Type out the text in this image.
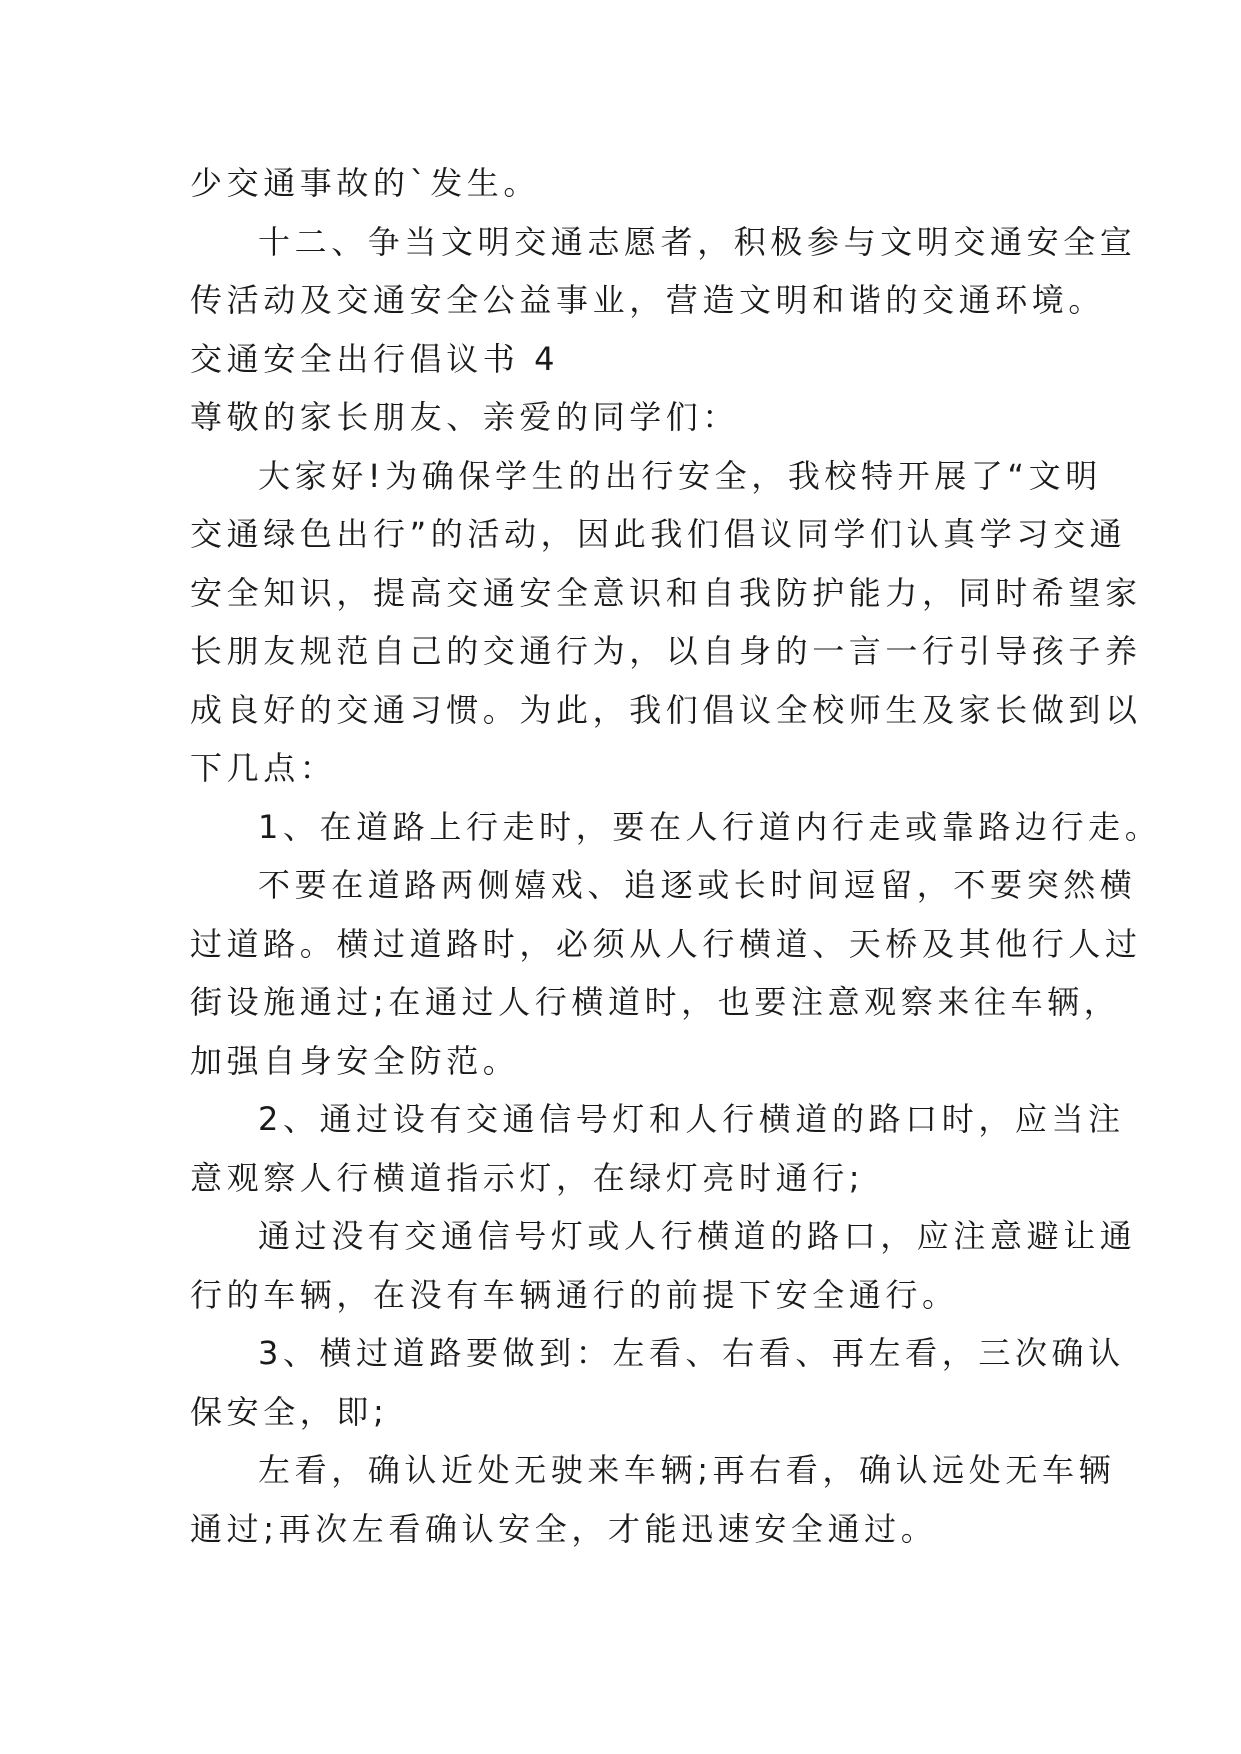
少交通事故的`发生。
十二、争当文明交通志愿者，积极参与文明交通安全宣
传活动及交通安全公益事业，营造文明和谐的交通环境。
交通安全出行倡议书 4
尊敬的家长朋友、亲爱的同学们：
大家好!为确保学生的出行安全，我校特开展了“文明
交通绿色出行”的活动，因此我们倡议同学们认真学习交通
安全知识，提高交通安全意识和自我防护能力，同时希望家
长朋友规范自己的交通行为，以自身的一言一行引导孩子养
成良好的交通习惯。为此，我们倡议全校师生及家长做到以
下几点：
1、在道路上行走时，要在人行道内行走或靠路边行走。
不要在道路两侧嬉戏、追逐或长时间逗留，不要突然横
过道路。横过道路时，必须从人行横道、天桥及其他行人过
街设施通过;在通过人行横道时，也要注意观察来往车辆，
加强自身安全防范。
2、通过设有交通信号灯和人行横道的路口时，应当注
意观察人行横道指示灯，在绿灯亮时通行;
通过没有交通信号灯或人行横道的路口，应注意避让通
行的车辆，在没有车辆通行的前提下安全通行。
3、横过道路要做到：左看、右看、再左看，三次确认
保安全，即;
左看，确认近处无驶来车辆;再右看，确认远处无车辆
通过;再次左看确认安全，才能迅速安全通过。
